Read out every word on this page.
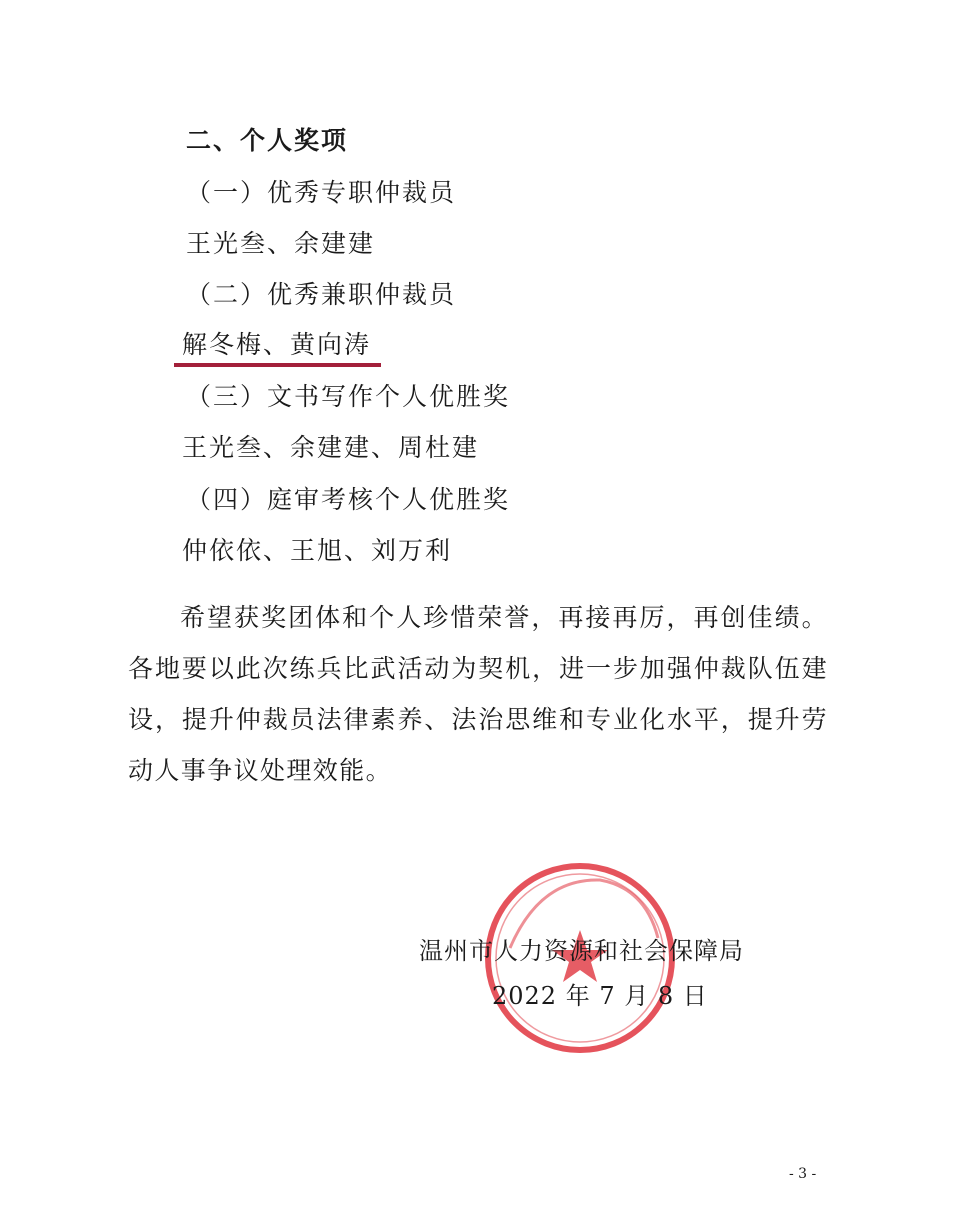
二、个人奖项
（一）优秀专职仲裁员
王光叁、余建建
（二）优秀兼职仲裁员
解冬梅、黄向涛
（三）文书写作个人优胜奖
王光叁、余建建、周杜建
（四）庭审考核个人优胜奖
仲依依、王旭、刘万利
希望获奖团体和个人珍惜荣誉，再接再厉，再创佳绩。各地要以此次练兵比武活动为契机，进一步加强仲裁队伍建设，提升仲裁员法律素养、法治思维和专业化水平，提升劳动人事争议处理效能。
温州市人力资源和社会保障局
2022 年 7 月 8 日
- 3 -
